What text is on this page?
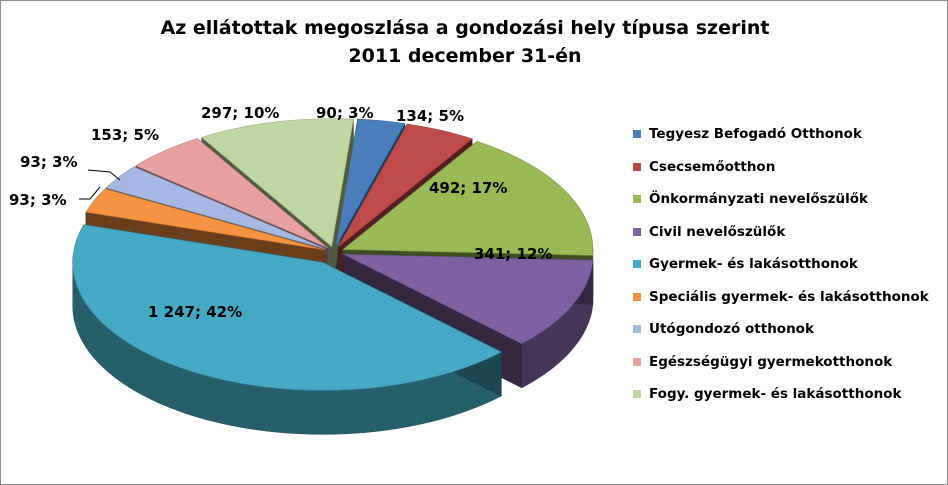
Az ellátottak megoszlása a gondozási hely típusa szerint
2011 december 31-én
90; 3% 134; 5%
492; 17%
341; 12%
1 247; 42%
93; 3%
93; 3%
153; 5%
297; 10%
Tegyesz Befogadó Otthonok
Csecsemőotthon
Önkormányzati nevelőszülők
Civil nevelőszülők
Gyermek- és lakásotthonok
Speciális gyermek- és lakásotthonok
Utógondozó otthonok
Egészségügyi gyermekotthonok
Fogy. gyermek- és lakásotthonok
